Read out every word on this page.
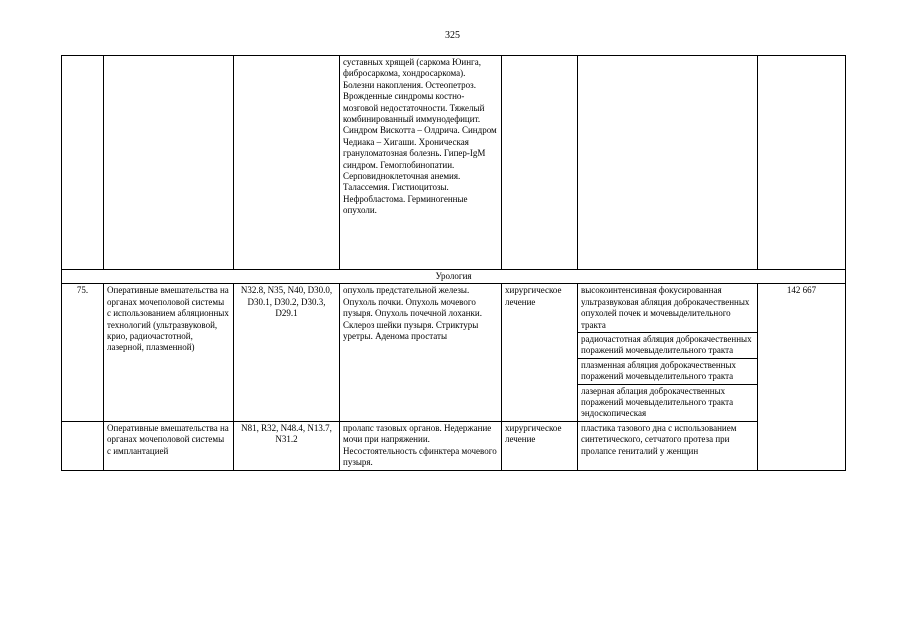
325
			суставных хрящей (саркома Юинга, фибросаркома, хондросаркома). Болезни накопления. Остеопетроз. Врожденные синдромы костно-мозговой недостаточности. Тяжелый комбинированный иммунодефицит. Синдром Вискотта – Олдрича. Синдром Чедиака – Хигаши. Хроническая грануломатозная болезнь. Гипер-IgM синдром. Гемоглобинопатии. Серповидноклеточная анемия. Талассемия. Гистиоцитозы. Нефробластома. Герминогенные опухоли.			
Урология						
75.	Оперативные вмешательства на органах мочеполовой системы с использованием абляционных технологий (ультразвуковой, крио, радиочастотной, лазерной, плазменной)	N32.8, N35, N40, D30.0, D30.1, D30.2, D30.3, D29.1	опухоль предстательной железы. Опухоль почки. Опухоль мочевого пузыря. Опухоль почечной лоханки. Склероз шейки пузыря. Стриктуры уретры. Аденома простаты	хирургическое лечение	высокоинтенсивная фокусированная ультразвуковая абляция доброкачественных опухолей почек и мочевыделительного тракта	142 667
					радиочастотная абляция доброкачественных поражений мочевыделительного тракта	
					плазменная абляция доброкачественных поражений мочевыделительного тракта	
					лазерная аблация доброкачественных поражений мочевыделительного тракта эндоскопическая	
	Оперативные вмешательства на органах мочеполовой системы с имплантацией	N81, R32, N48.4, N13.7, N31.2	пролапс тазовых органов. Недержание мочи при напряжении. Несостоятельность сфинктера мочевого пузыря.	хирургическое лечение	пластика тазового дна с использованием синтетического, сетчатого протеза при пролапсе гениталий у женщин	
